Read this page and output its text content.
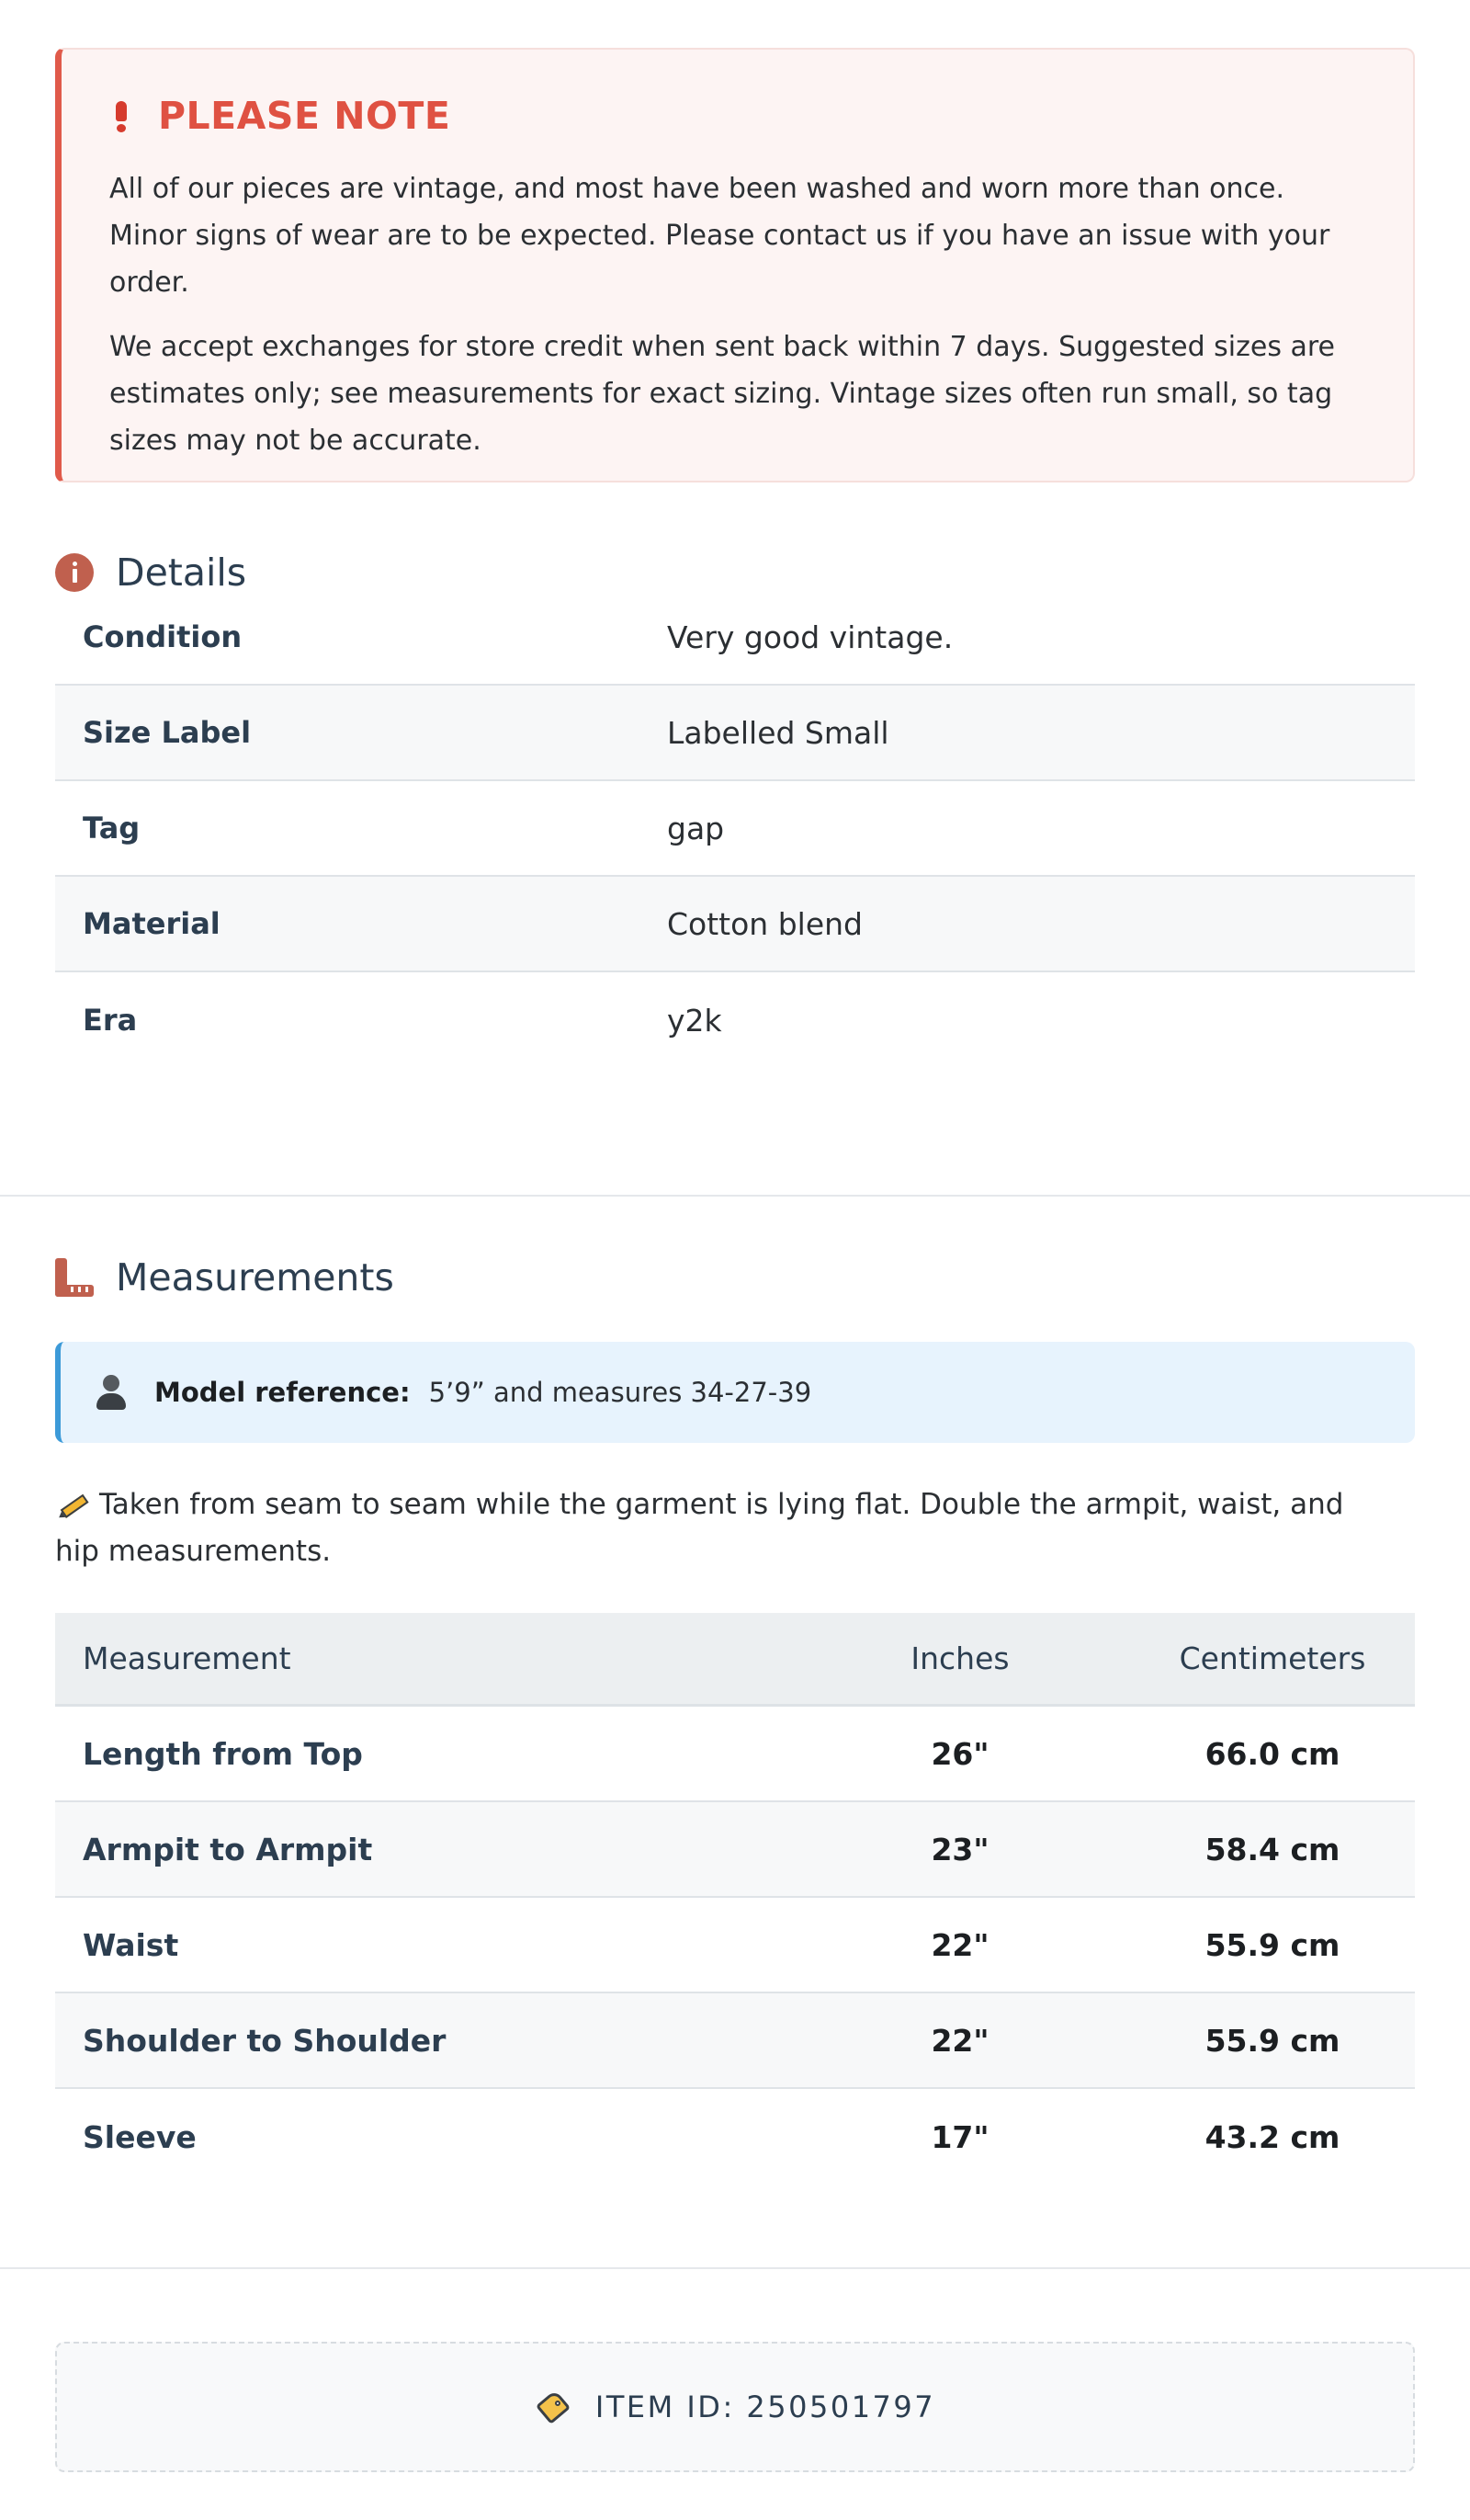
PLEASE NOTE

All of our pieces are vintage, and most have been washed and worn more than once. Minor signs of wear are to be expected. Please contact us if you have an issue with your order.

We accept exchanges for store credit when sent back within 7 days. Suggested sizes are estimates only; see measurements for exact sizing. Vintage sizes often run small, so tag sizes may not be accurate.

Details
Condition	Very good vintage.
Size Label	Labelled Small
Tag	gap
Material	Cotton blend
Era	y2k
Measurements
Model reference: 5’9” and measures 34-27-39

Taken from seam to seam while the garment is lying flat. Double the armpit, waist, and hip measurements.

Measurement	Inches	Centimeters
Length from Top	26"	66.0 cm
Armpit to Armpit	23"	58.4 cm
Waist	22"	55.9 cm
Shoulder to Shoulder	22"	55.9 cm
Sleeve	17"	43.2 cm
ITEM ID: 250501797
